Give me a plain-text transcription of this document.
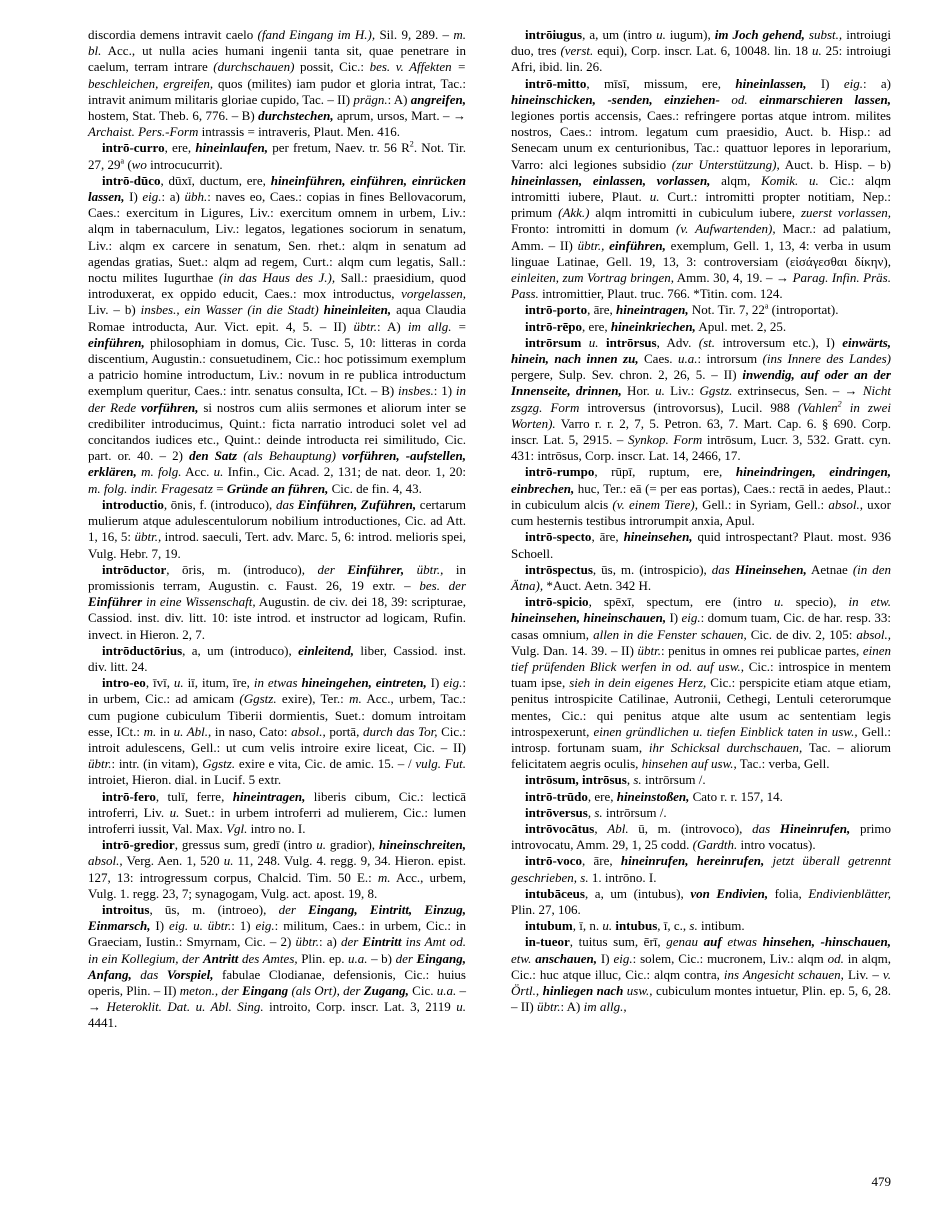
discordia demens intravit caelo (fand Eingang im H.), Sil. 9, 289. – m. bl. Acc., ut nulla acies humani ingenii tanta sit, quae penetrare in caelum, terram intrare (durchschauen) possit, Cic.: bes. v. Affekten = beschleichen, ergreifen, quos (milites) iam pudor et gloria intrat, Tac.: intravit animum militaris gloriae cupido, Tac. – II) prägn.: A) angreifen, hostem, Stat. Theb. 6, 776. – B) durchstechen, aprum, ursos, Mart. – → Archaist. Pers.-Form intrassis = intraveris, Plaut. Men. 416.

intrō-curro, ere, hineinlaufen, per fretum, Naev. tr. 56 $R^2$. Not. Tir. 27, 29$^a$ (wo introcucurrit).

intrō-dūco, dūxī, ductum, ere, hineinführen, einführen, einrücken lassen, I) eig.: a) übh.: naves eo, Caes.: copias in fines Bellovacorum, Caes.: exercitum in Ligures, Liv.: exercitum omnem in urbem, Liv.: alqm in tabernaculum, Liv.: legatos, legationes sociorum in senatum, Liv.: alqm ex carcere in senatum, Sen. rhet.: alqm in senatum ad agendas gratias, Suet.: alqm ad regem, Curt.: alqm cum legatis, Sall.: noctu milites Iugurthae (in das Haus des J.), Sall.: praesidium, quod introduxerat, ex oppido educit, Caes.: mox introductus, vorgelassen, Liv. – b) insbes., ein Wasser (in die Stadt) hineinleiten, aqua Claudia Romae introducta, Aur. Vict. epit. 4, 5. – II) übtr.: A) im allg. = einführen, philosophiam in domus, Cic. Tusc. 5, 10: litteras in corda discentium, Augustin.: consuetudinem, Cic.: hoc potissimum exemplum a patricio homine introductum, Liv.: novum in re publica introductum exemplum queritur, Caes.: intr. senatus consulta, ICt. – B) insbes.: 1) in der Rede vorführen, si nostros cum aliis sermones et aliorum inter se credibiliter introducimus, Quint.: ficta narratio introduci solet vel ad concitandos iudices etc., Quint.: deinde introducta rei similitudo, Cic. part. or. 40. – 2) den Satz (als Behauptung) vorführen, -aufstellen, erklären, m. folg. Acc. u. Infin., Cic. Acad. 2, 131; de nat. deor. 1, 20: m. folg. indir. Fragesatz = Gründe an führen, Cic. de fin. 4, 43.

introductio, ōnis, f. (introduco), das Einführen, Zuführen, certarum mulierum atque adulescentulorum nobilium introductiones, Cic. ad Att. 1, 16, 5: übtr., introd. saeculi, Tert. adv. Marc. 5, 6: introd. melioris spei, Vulg. Hebr. 7, 19.

intrōductor, ōris, m. (introduco), der Einführer, übtr., in promissionis terram, Augustin. c. Faust. 26, 19 extr. – bes. der Einführer in eine Wissenschaft, Augustin. de civ. dei 18, 39: scripturae, Cassiod. inst. div. litt. 10: iste introd. et instructor ad logicam, Rufin. invect. in Hieron. 2, 7.

intrōductōrius, a, um (introduco), einleitend, liber, Cassiod. inst. div. litt. 24.

intro-eo, īvī, u. iī, itum, īre, in etwas hineingehen, eintreten, I) eig.: in urbem, Cic.: ad amicam (Ggstz. exire), Ter.: m. Acc., urbem, Tac.: cum pugione cubiculum Tiberii dormientis, Suet.: domum introitam esse, ICt.: m. in u. Abl., in naso, Cato: absol., portā, durch das Tor, Cic.: introit adulescens, Gell.: ut cum velis introire exire liceat, Cic. – II) übtr.: intr. (in vitam), Ggstz. exire e vita, Cic. de amic. 15. – / vulg. Fut. introiet, Hieron. dial. in Lucif. 5 extr.

intrō-fero, tulī, ferre, hineintragen, liberis cibum, Cic.: lecticā introferri, Liv. u. Suet.: in urbem introferri ad mulierem, Cic.: lumen introferri iussit, Val. Max. Vgl. intro no. I.

intrō-gredior, gressus sum, gredī (intro u. gradior), hineinschreiten, absol., Verg. Aen. 1, 520 u. 11, 248. Vulg. 4. regg. 9, 34. Hieron. epist. 127, 13: introgressum corpus, Chalcid. Tim. 50 E.: m. Acc., urbem, Vulg. 1. regg. 23, 7; synagogam, Vulg. act. apost. 19, 8.

introitus, ūs, m. (introeo), der Eingang, Eintritt, Einzug, Einmarsch, I) eig. u. übtr.: 1) eig.: militum, Caes.: in urbem, Cic.: in Graeciam, Iustin.: Smyrnam, Cic. – 2) übtr.: a) der Eintritt ins Amt od. in ein Kollegium, der Antritt des Amtes, Plin. ep. u.a. – b) der Eingang, Anfang, das Vorspiel, fabulae Clodianae, defensionis, Cic.: huius operis, Plin. – II) meton., der Eingang (als Ort), der Zugang, Cic. u.a. – → Heteroklit. Dat. u. Abl. Sing. introito, Corp. inscr. Lat. 3, 2119 u. 4441.

intrōiugus, a, um (intro u. iugum), im Joch gehend, subst., introiugi duo, tres (verst. equi), Corp. inscr. Lat. 6, 10048. lin. 18 u. 25: introiugi Afri, ibid. lin. 26.

intrō-mitto, mīsī, missum, ere, hineinlassen, I) eig.: a) hineinschicken, -senden, einziehen- od. einmarschieren lassen, legiones portis accensis, Caes.: refringere portas atque introm. milites nostros, Caes.: introm. legatum cum praesidio, Auct. b. Hisp.: ad Senecam unum ex centurionibus, Tac.: quattuor lepores in leporarium, Varro: alci legiones subsidio (zur Unterstützung), Auct. b. Hisp. – b) hineinlassen, einlassen, vorlassen, alqm, Komik. u. Cic.: alqm intromitti iubere, Plaut. u. Curt.: intromitti propter notitiam, Nep.: primum (Akk.) alqm intromitti in cubiculum iubere, zuerst vorlassen, Fronto: intromitti in domum (v. Aufwartenden), Macr.: ad palatium, Amm. – II) übtr., einführen, exemplum, Gell. 1, 13, 4: verba in usum linguae Latinae, Gell. 19, 13, 3: controversiam (εἰσάγεσθαι δίκην), einleiten, zum Vortrag bringen, Amm. 30, 4, 19. – → Parag. Infin. Präs. Pass. intromittier, Plaut. truc. 766. *Titin. com. 124.

intrō-porto, āre, hineintragen, Not. Tir. 7, 22$^a$ (introportat).

intrō-rēpo, ere, hineinkriechen, Apul. met. 2, 25.

intrōrsum u. intrōrsus, Adv. (st. introversum etc.), I) einwärts, hinein, nach innen zu, Caes. u.a.: introrsum (ins Innere des Landes) pergere, Sulp. Sev. chron. 2, 26, 5. – II) inwendig, auf oder an der Innenseite, drinnen, Hor. u. Liv.: Ggstz. extrinsecus, Sen. – → Nicht zsgzg. Form introversus (introvorsus), Lucil. 988 (Vahlen$^2$ in zwei Worten). Varro r. r. 2, 7, 5. Petron. 63, 7. Mart. Cap. 6. § 690. Corp. inscr. Lat. 5, 2915. – Synkop. Form intrōsum, Lucr. 3, 532. Gratt. cyn. 431: intrōsus, Corp. inscr. Lat. 14, 2466, 17.

intrō-rumpo, rūpī, ruptum, ere, hineindringen, eindringen, einbrechen, huc, Ter.: eā (= per eas portas), Caes.: rectā in aedes, Plaut.: in cubiculum alcis (v. einem Tiere), Gell.: in Syriam, Gell.: absol., uxor cum hesternis testibus introrumpit anxia, Apul.

intrō-specto, āre, hineinsehen, quid introspectant? Plaut. most. 936 Schoell.

intrōspectus, ūs, m. (introspicio), das Hineinsehen, Aetnae (in den Ätna), *Auct. Aetn. 342 H.

intrō-spicio, spēxī, spectum, ere (intro u. specio), in etw. hineinsehen, hineinschauen, I) eig.: domum tuam, Cic. de har. resp. 33: casas omnium, allen in die Fenster schauen, Cic. de div. 2, 105: absol., Vulg. Dan. 14. 39. – II) übtr.: penitus in omnes rei publicae partes, einen tief prüfenden Blick werfen in od. auf usw., Cic.: introspice in mentem tuam ipse, sieh in dein eigenes Herz, Cic.: perspicite etiam atque etiam, penitus introspicite Catilinae, Autronii, Cethegi, Lentuli ceterorumque mentes, Cic.: qui penitus atque alte usum ac sententiam legis introspexerunt, einen gründlichen u. tiefen Einblick taten in usw., Gell.: introsp. fortunam suam, ihr Schicksal durchschauen, Tac. – aliorum felicitatem aegris oculis, hinsehen auf usw., Tac.: verba, Gell.

intrōsum, intrōsus, s. intrōrsum /.

intrō-trūdo, ere, hineinstoßen, Cato r. r. 157, 14.

intrōversus, s. intrōrsum /.

intrōvocātus, Abl. ū, m. (introvoco), das Hineinrufen, primo introvocatu, Amm. 29, 1, 25 codd. (Gardth. intro vocatus).

intrō-voco, āre, hineinrufen, hereinrufen, jetzt überall getrennt geschrieben, s. 1. intrōno. I.

intubāceus, a, um (intubus), von Endivien, folia, Endivienblätter, Plin. 27, 106.

intubum, ī, n. u. intubus, ī, c., s. intibum.

in-tueor, tuitus sum, ērī, genau auf etwas hinsehen, -hinschauen, etw. anschauen, I) eig.: solem, Cic.: mucronem, Liv.: alqm od. in alqm, Cic.: huc atque illuc, Cic.: alqm contra, ins Angesicht schauen, Liv. – v. Örtl., hinliegen nach usw., cubiculum montes intuetur, Plin. ep. 5, 6, 28. – II) übtr.: A) im allg.,

479
